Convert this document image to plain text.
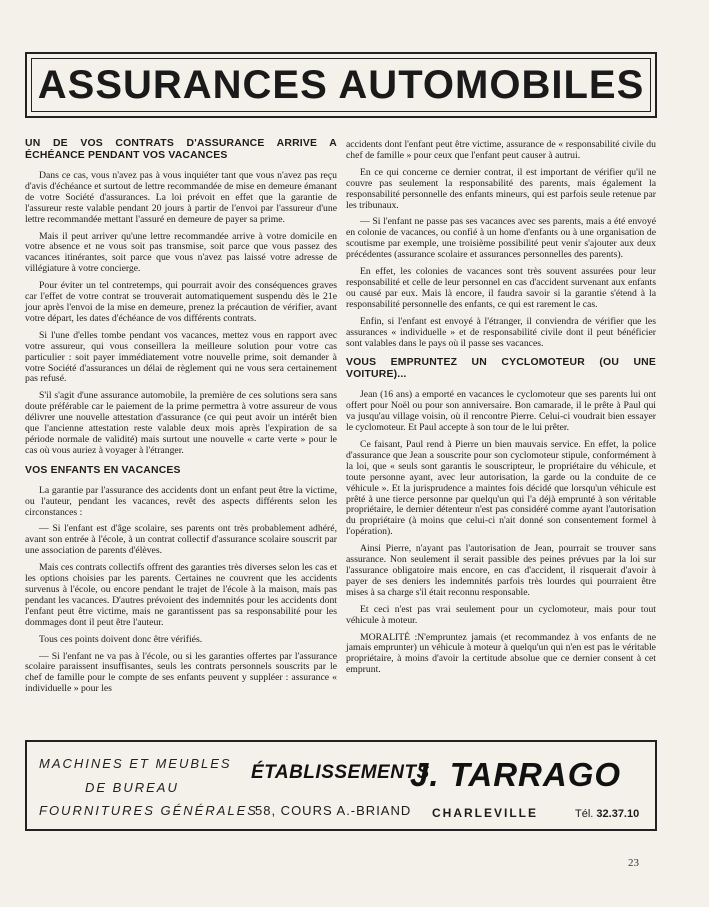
ASSURANCES AUTOMOBILES
UN DE VOS CONTRATS D'ASSURANCE ARRIVE A ÉCHÉANCE PENDANT VOS VACANCES

Dans ce cas, vous n'avez pas à vous inquiéter tant que vous n'avez pas reçu d'avis d'échéance et surtout de lettre recommandée de mise en demeure émanant de votre Société d'assurances. La loi prévoit en effet que la garantie de l'assureur reste valable pendant 20 jours à partir de l'envoi par l'assureur d'une lettre recommandée mettant l'assuré en demeure de payer sa prime.

Mais il peut arriver qu'une lettre recommandée arrive à votre domicile en votre absence et ne vous soit pas transmise, soit parce que vous passez des vacances itinérantes, soit parce que vous n'avez pas laissé votre adresse de villégiature à votre concierge.

Pour éviter un tel contretemps, qui pourrait avoir des conséquences graves car l'effet de votre contrat se trouverait automatiquement suspendu dès le 21e jour après l'envoi de la mise en demeure, prenez la précaution de vérifier, avant votre départ, les dates d'échéance de vos différents contrats.

Si l'une d'elles tombe pendant vos vacances, mettez vous en rapport avec votre assureur, qui vous conseillera la meilleure solution pour votre cas particulier : soit payer immédiatement votre nouvelle prime, soit demander à votre Société d'assurances un délai de règlement qui ne vous sera certainement pas refusé.

S'il s'agit d'une assurance automobile, la première de ces solutions sera sans doute préférable car le paiement de la prime permettra à votre assureur de vous délivrer une nouvelle attestation d'assurance (ce qui peut avoir un intérêt bien que l'ancienne attestation reste valable deux mois après l'expiration de sa période normale de validité) mais surtout une nouvelle « carte verte » pour le cas où vous auriez à voyager à l'étranger.

VOS ENFANTS EN VACANCES

La garantie par l'assurance des accidents dont un enfant peut être la victime, ou l'auteur, pendant les vacances, revêt des aspects différents selon les circonstances :

— Si l'enfant est d'âge scolaire, ses parents ont très probablement adhéré, avant son entrée à l'école, à un contrat collectif d'assurance scolaire souscrit par une association de parents d'élèves.

Mais ces contrats collectifs offrent des garanties très diverses selon les cas et les options choisies par les parents. Certaines ne couvrent que les accidents survenus à l'école, ou encore pendant le trajet de l'école à la maison, mais pas pendant les vacances. D'autres prévoient des indemnités pour les accidents dont l'enfant peut être victime, mais ne garantissent pas sa responsabilité pour les dommages dont il peut être l'auteur.

Tous ces points doivent donc être vérifiés.

— Si l'enfant ne va pas à l'école, ou si les garanties offertes par l'assurance scolaire paraissent insuffisantes, seuls les contrats personnels souscrits par le chef de famille pour le compte de ses enfants peuvent y suppléer : assurance « individuelle » pour les

accidents dont l'enfant peut être victime, assurance de « responsabilité civile du chef de famille » pour ceux que l'enfant peut causer à autrui.

En ce qui concerne ce dernier contrat, il est important de vérifier qu'il ne couvre pas seulement la responsabilité des parents, mais également la responsabilité personnelle des enfants mineurs, qui est parfois seule retenue par les tribunaux.

— Si l'enfant ne passe pas ses vacances avec ses parents, mais a été envoyé en colonie de vacances, ou confié à un home d'enfants ou à une organisation de scoutisme par exemple, une troisième possibilité peut venir s'ajouter aux deux précédentes (assurance scolaire et assurances personnelles des parents).

En effet, les colonies de vacances sont très souvent assurées pour leur responsabilité et celle de leur personnel en cas d'accident survenant aux enfants ou causé par eux. Mais là encore, il faudra savoir si la garantie s'étend à la responsabilité personnelle des enfants, ce qui est rarement le cas.

Enfin, si l'enfant est envoyé à l'étranger, il conviendra de vérifier que les assurances « individuelle » et de responsabilité civile dont il peut bénéficier sont valables dans le pays où il passe ses vacances.

VOUS EMPRUNTEZ UN CYCLOMOTEUR (OU UNE VOITURE)...

Jean (16 ans) a emporté en vacances le cyclomoteur que ses parents lui ont offert pour Noël ou pour son anniversaire. Bon camarade, il le prête à Paul qui va jusqu'au village voisin, où il rencontre Pierre. Celui-ci voudrait bien essayer le cyclomoteur. Et Paul accepte à son tour de le lui prêter.

Ce faisant, Paul rend à Pierre un bien mauvais service. En effet, la police d'assurance que Jean a souscrite pour son cyclomoteur stipule, conformément à la loi, que « seuls sont garantis le souscripteur, le propriétaire du véhicule, et toute personne ayant, avec leur autorisation, la garde ou la conduite de ce véhicule ». Et la jurisprudence a maintes fois décidé que lorsqu'un véhicule est prêté à une tierce personne par quelqu'un qui l'a déjà emprunté à son véritable propriétaire, le dernier détenteur n'est pas considéré comme ayant l'autorisation du propriétaire (à moins que celui-ci n'ait donné son consentement formel à l'opération).

Ainsi Pierre, n'ayant pas l'autorisation de Jean, pourrait se trouver sans assurance. Non seulement il serait passible des peines prévues par la loi sur l'assurance obligatoire mais encore, en cas d'accident, il risquerait d'avoir à payer de ses deniers les indemnités parfois très lourdes qui pourraient être mises à sa charge s'il était reconnu responsable.

Et ceci n'est pas vrai seulement pour un cyclomoteur, mais pour tout véhicule à moteur.

MORALITÉ :N'empruntez jamais (et recommandez à vos enfants de ne jamais emprunter) un véhicule à moteur à quelqu'un qui n'en est pas le véritable propriétaire, à moins d'avoir la certitude absolue que ce dernier consent à cet emprunt.

MACHINES ET MEUBLES
DE BUREAU
FOURNITURES GÉNÉRALES
ÉTABLISSEMENTS
J. TARRAGO
58, COURS A.-BRIAND CHARLEVILLE	Tél. 32.37.10
23
